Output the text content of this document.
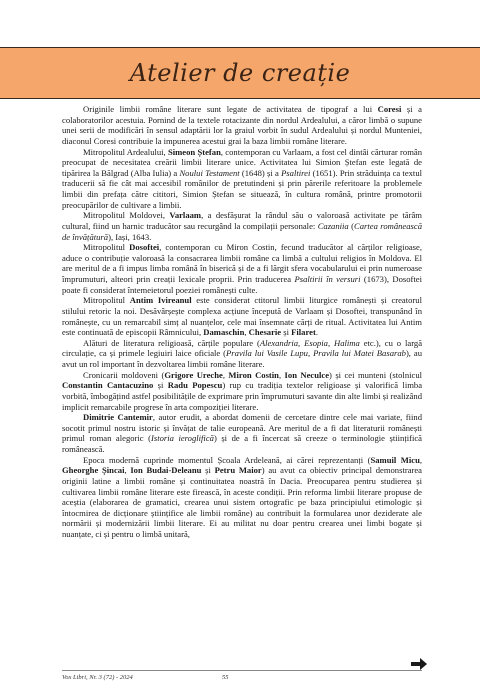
Atelier de creație

Originile limbii române literare sunt legate de activitatea de tipograf a lui Coresi și a colaboratorilor acestuia. Pornind de la textele rotacizante din nordul Ardealului, a căror limbă o supune unei serii de modificări în sensul adaptării lor la graiul vorbit în sudul Ardealului și nordul Munteniei, diaconul Coresi contribuie la impunerea acestui grai la baza limbii române literare.

Mitropolitul Ardealului, Simeon Ștefan, contemporan cu Varlaam, a fost cel dintâi cărturar român preocupat de necesitatea creării limbii literare unice. Activitatea lui Simion Ștefan este legată de tipărirea la Bălgrad (Alba Iulia) a Noului Testament (1648) și a Psaltirei (1651). Prin străduința ca textul traducerii să fie cât mai accesibil românilor de pretutindeni și prin părerile referitoare la problemele limbii din prefața către cititori, Simion Ștefan se situează, în cultura română, printre promotorii preocupărilor de cultivare a limbii.

Mitropolitul Moldovei, Varlaam, a desfășurat la rândul său o valoroasă activitate pe tărâm cultural, fiind un harnic traducător sau recurgând la compilații personale: Cazaniia (Cartea românească de învățătură), Iași, 1643.

Mitropolitul Dosoftei, contemporan cu Miron Costin, fecund traducător al cărților religioase, aduce o contribuție valoroasă la consacrarea limbii române ca limbă a cultului religios în Moldova. El are meritul de a fi impus limba română în biserică și de a fi lărgit sfera vocabularului ei prin numeroase împrumuturi, alteori prin creații lexicale proprii. Prin traducerea Psaltirii în versuri (1673), Dosoftei poate fi considerat întemeietorul poeziei românești culte.

Mitropolitul Antim Ivireanul este considerat ctitorul limbii liturgice românești și creatorul stilului retoric la noi. Desăvârșește complexa acțiune începută de Varlaam și Dosoftei, transpunând în românește, cu un remarcabil simț al nuanțelor, cele mai însemnate cărți de ritual. Activitatea lui Antim este continuată de episcopii Râmnicului, Damaschin, Chesarie și Filaret.

Alături de literatura religioasă, cărțile populare (Alexandria, Esopia, Halima etc.), cu o largă circulație, ca și primele legiuiri laice oficiale (Pravila lui Vasile Lupu, Pravila lui Matei Basarab), au avut un rol important în dezvoltarea limbii române literare.

Cronicarii moldoveni (Grigore Ureche, Miron Costin, Ion Neculce) și cei munteni (stolnicul Constantin Cantacuzino și Radu Popescu) rup cu tradiția textelor religioase și valorifică limba vorbită, îmbogățind astfel posibilitățile de exprimare prin împrumuturi savante din alte limbi și realizând implicit remarcabile progrese în arta compoziției literare.

Dimitrie Cantemir, autor erudit, a abordat domenii de cercetare dintre cele mai variate, fiind socotit primul nostru istoric și învățat de talie europeană. Are meritul de a fi dat literaturii românești primul roman alegoric (Istoria ieroglifică) și de a fi încercat să creeze o terminologie științifică românească.

Epoca modernă cuprinde momentul Școala Ardeleană, ai cărei reprezentanți (Samuil Micu, Gheorghe Șincai, Ion Budai-Deleanu și Petru Maior) au avut ca obiectiv principal demonstrarea originii latine a limbii române și continuitatea noastră în Dacia. Preocuparea pentru studierea și cultivarea limbii române literare este firească, în aceste condiții. Prin reforma limbii literare propuse de aceștia (elaborarea de gramatici, crearea unui sistem ortografic pe baza principiului etimologic și întocmirea de dicționare științifice ale limbii române) au contribuit la formularea unor deziderate ale normării și modernizării limbii literare. Ei au militat nu doar pentru crearea unei limbi bogate și nuanțate, ci și pentru o limbă unitară,

Vox Libri, Nr. 3 (72) - 2024	55
